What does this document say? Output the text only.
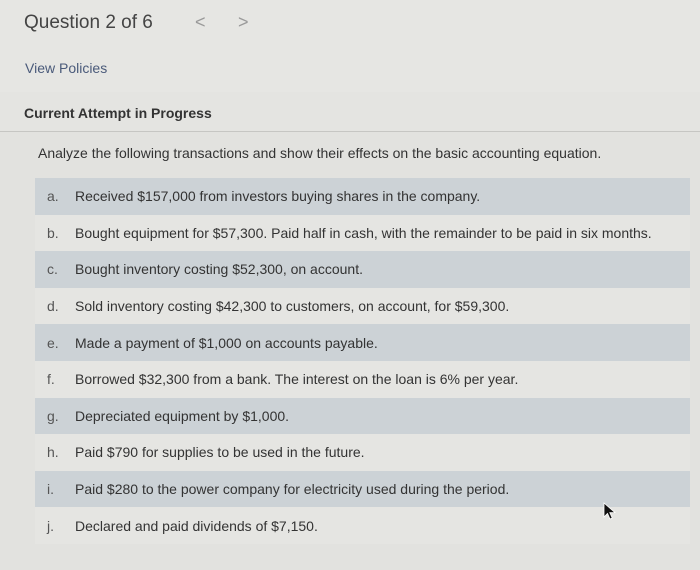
Question 2 of 6 < >
View Policies
Current Attempt in Progress
Analyze the following transactions and show their effects on the basic accounting equation.
a.	Received $157,000 from investors buying shares in the company.
b.	Bought equipment for $57,300. Paid half in cash, with the remainder to be paid in six months.
c.	Bought inventory costing $52,300, on account.
d.	Sold inventory costing $42,300 to customers, on account, for $59,300.
e.	Made a payment of $1,000 on accounts payable.
f.	Borrowed $32,300 from a bank. The interest on the loan is 6% per year.
g.	Depreciated equipment by $1,000.
h.	Paid $790 for supplies to be used in the future.
i.	Paid $280 to the power company for electricity used during the period.
j.	Declared and paid dividends of $7,150.
